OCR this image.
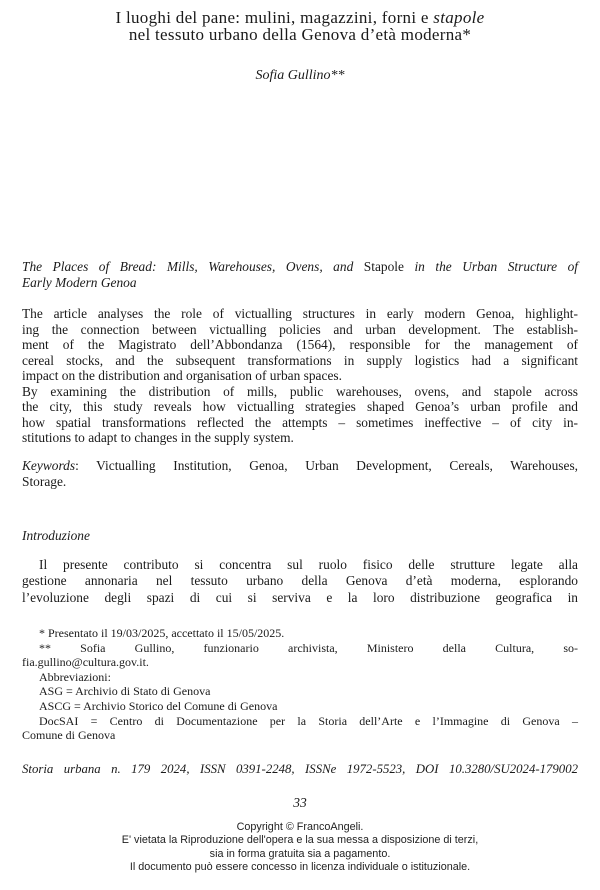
I luoghi del pane: mulini, magazzini, forni e stapole
nel tessuto urbano della Genova d’età moderna*
Sofia Gullino**
The Places of Bread: Mills, Warehouses, Ovens, and Stapole in the Urban Structure of
Early Modern Genoa
The article analyses the role of victualling structures in early modern Genoa, highlight-
ing the connection between victualling policies and urban development. The establish-
ment of the Magistrato dell’Abbondanza (1564), responsible for the management of
cereal stocks, and the subsequent transformations in supply logistics had a significant
impact on the distribution and organisation of urban spaces.
By examining the distribution of mills, public warehouses, ovens, and stapole across
the city, this study reveals how victualling strategies shaped Genoa’s urban profile and
how spatial transformations reflected the attempts – sometimes ineffective – of city in-
stitutions to adapt to changes in the supply system.
Keywords: Victualling Institution, Genoa, Urban Development, Cereals, Warehouses,
Storage.
Introduzione
Il presente contributo si concentra sul ruolo fisico delle strutture legate alla
gestione annonaria nel tessuto urbano della Genova d’età moderna, esplorando
l’evoluzione degli spazi di cui si serviva e la loro distribuzione geografica in
* Presentato il 19/03/2025, accettato il 15/05/2025.
** Sofia Gullino, funzionario archivista, Ministero della Cultura, so-
fia.gullino@cultura.gov.it.
Abbreviazioni:
ASG = Archivio di Stato di Genova
ASCG = Archivio Storico del Comune di Genova
DocSAI = Centro di Documentazione per la Storia dell’Arte e l’Immagine di Genova –
Comune di Genova
Storia urbana n. 179 2024, ISSN 0391-2248, ISSNe 1972-5523, DOI 10.3280/SU2024-179002
33
Copyright © FrancoAngeli.
E' vietata la Riproduzione dell'opera e la sua messa a disposizione di terzi,
sia in forma gratuita sia a pagamento.
Il documento può essere concesso in licenza individuale o istituzionale.
